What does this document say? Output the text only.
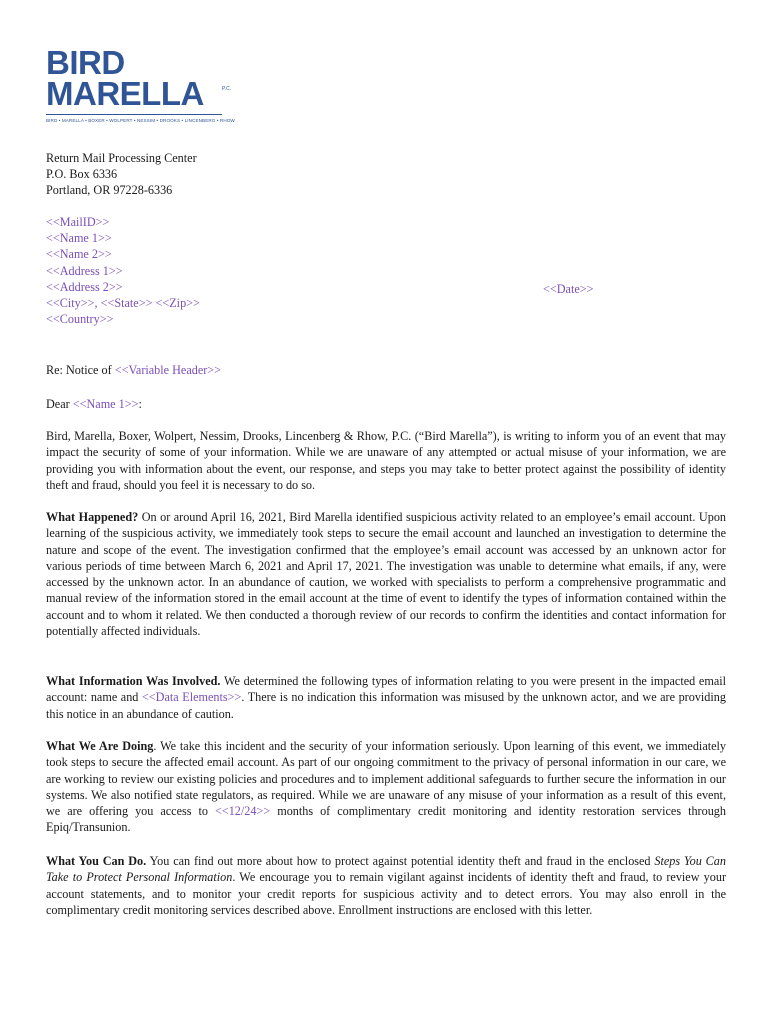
BIRD
MARELLA	P.C.
BIRD • MARELLA • BOXER • WOLPERT • NESSIM • DROOKS • LINCENBERG • RHOW
Return Mail Processing Center
P.O. Box 6336
Portland, OR 97228-6336
<<MailID>>
<<Name 1>>
<<Name 2>>
<<Address 1>>
<<Address 2>>
<<City>>, <<State>> <<Zip>>
<<Country>>
<<Date>>
Re: Notice of <<Variable Header>>
Dear <<Name 1>>:
Bird, Marella, Boxer, Wolpert, Nessim, Drooks, Lincenberg & Rhow, P.C. (“Bird Marella”), is writing to inform you of an event that may impact the security of some of your information. While we are unaware of any attempted or actual misuse of your information, we are providing you with information about the event, our response, and steps you may take to better protect against the possibility of identity theft and fraud, should you feel it is necessary to do so.
What Happened? On or around April 16, 2021, Bird Marella identified suspicious activity related to an employee’s email account. Upon learning of the suspicious activity, we immediately took steps to secure the email account and launched an investigation to determine the nature and scope of the event. The investigation confirmed that the employee’s email account was accessed by an unknown actor for various periods of time between March 6, 2021 and April 17, 2021. The investigation was unable to determine what emails, if any, were accessed by the unknown actor. In an abundance of caution, we worked with specialists to perform a comprehensive programmatic and manual review of the information stored in the email account at the time of event to identify the types of information contained within the account and to whom it related. We then conducted a thorough review of our records to confirm the identities and contact information for potentially affected individuals.
What Information Was Involved. We determined the following types of information relating to you were present in the impacted email account: name and <<Data Elements>>. There is no indication this information was misused by the unknown actor, and we are providing this notice in an abundance of caution.
What We Are Doing. We take this incident and the security of your information seriously. Upon learning of this event, we immediately took steps to secure the affected email account. As part of our ongoing commitment to the privacy of personal information in our care, we are working to review our existing policies and procedures and to implement additional safeguards to further secure the information in our systems. We also notified state regulators, as required. While we are unaware of any misuse of your information as a result of this event, we are offering you access to <<12/24>> months of complimentary credit monitoring and identity restoration services through Epiq/Transunion.
What You Can Do. You can find out more about how to protect against potential identity theft and fraud in the enclosed Steps You Can Take to Protect Personal Information. We encourage you to remain vigilant against incidents of identity theft and fraud, to review your account statements, and to monitor your credit reports for suspicious activity and to detect errors. You may also enroll in the complimentary credit monitoring services described above. Enrollment instructions are enclosed with this letter.
